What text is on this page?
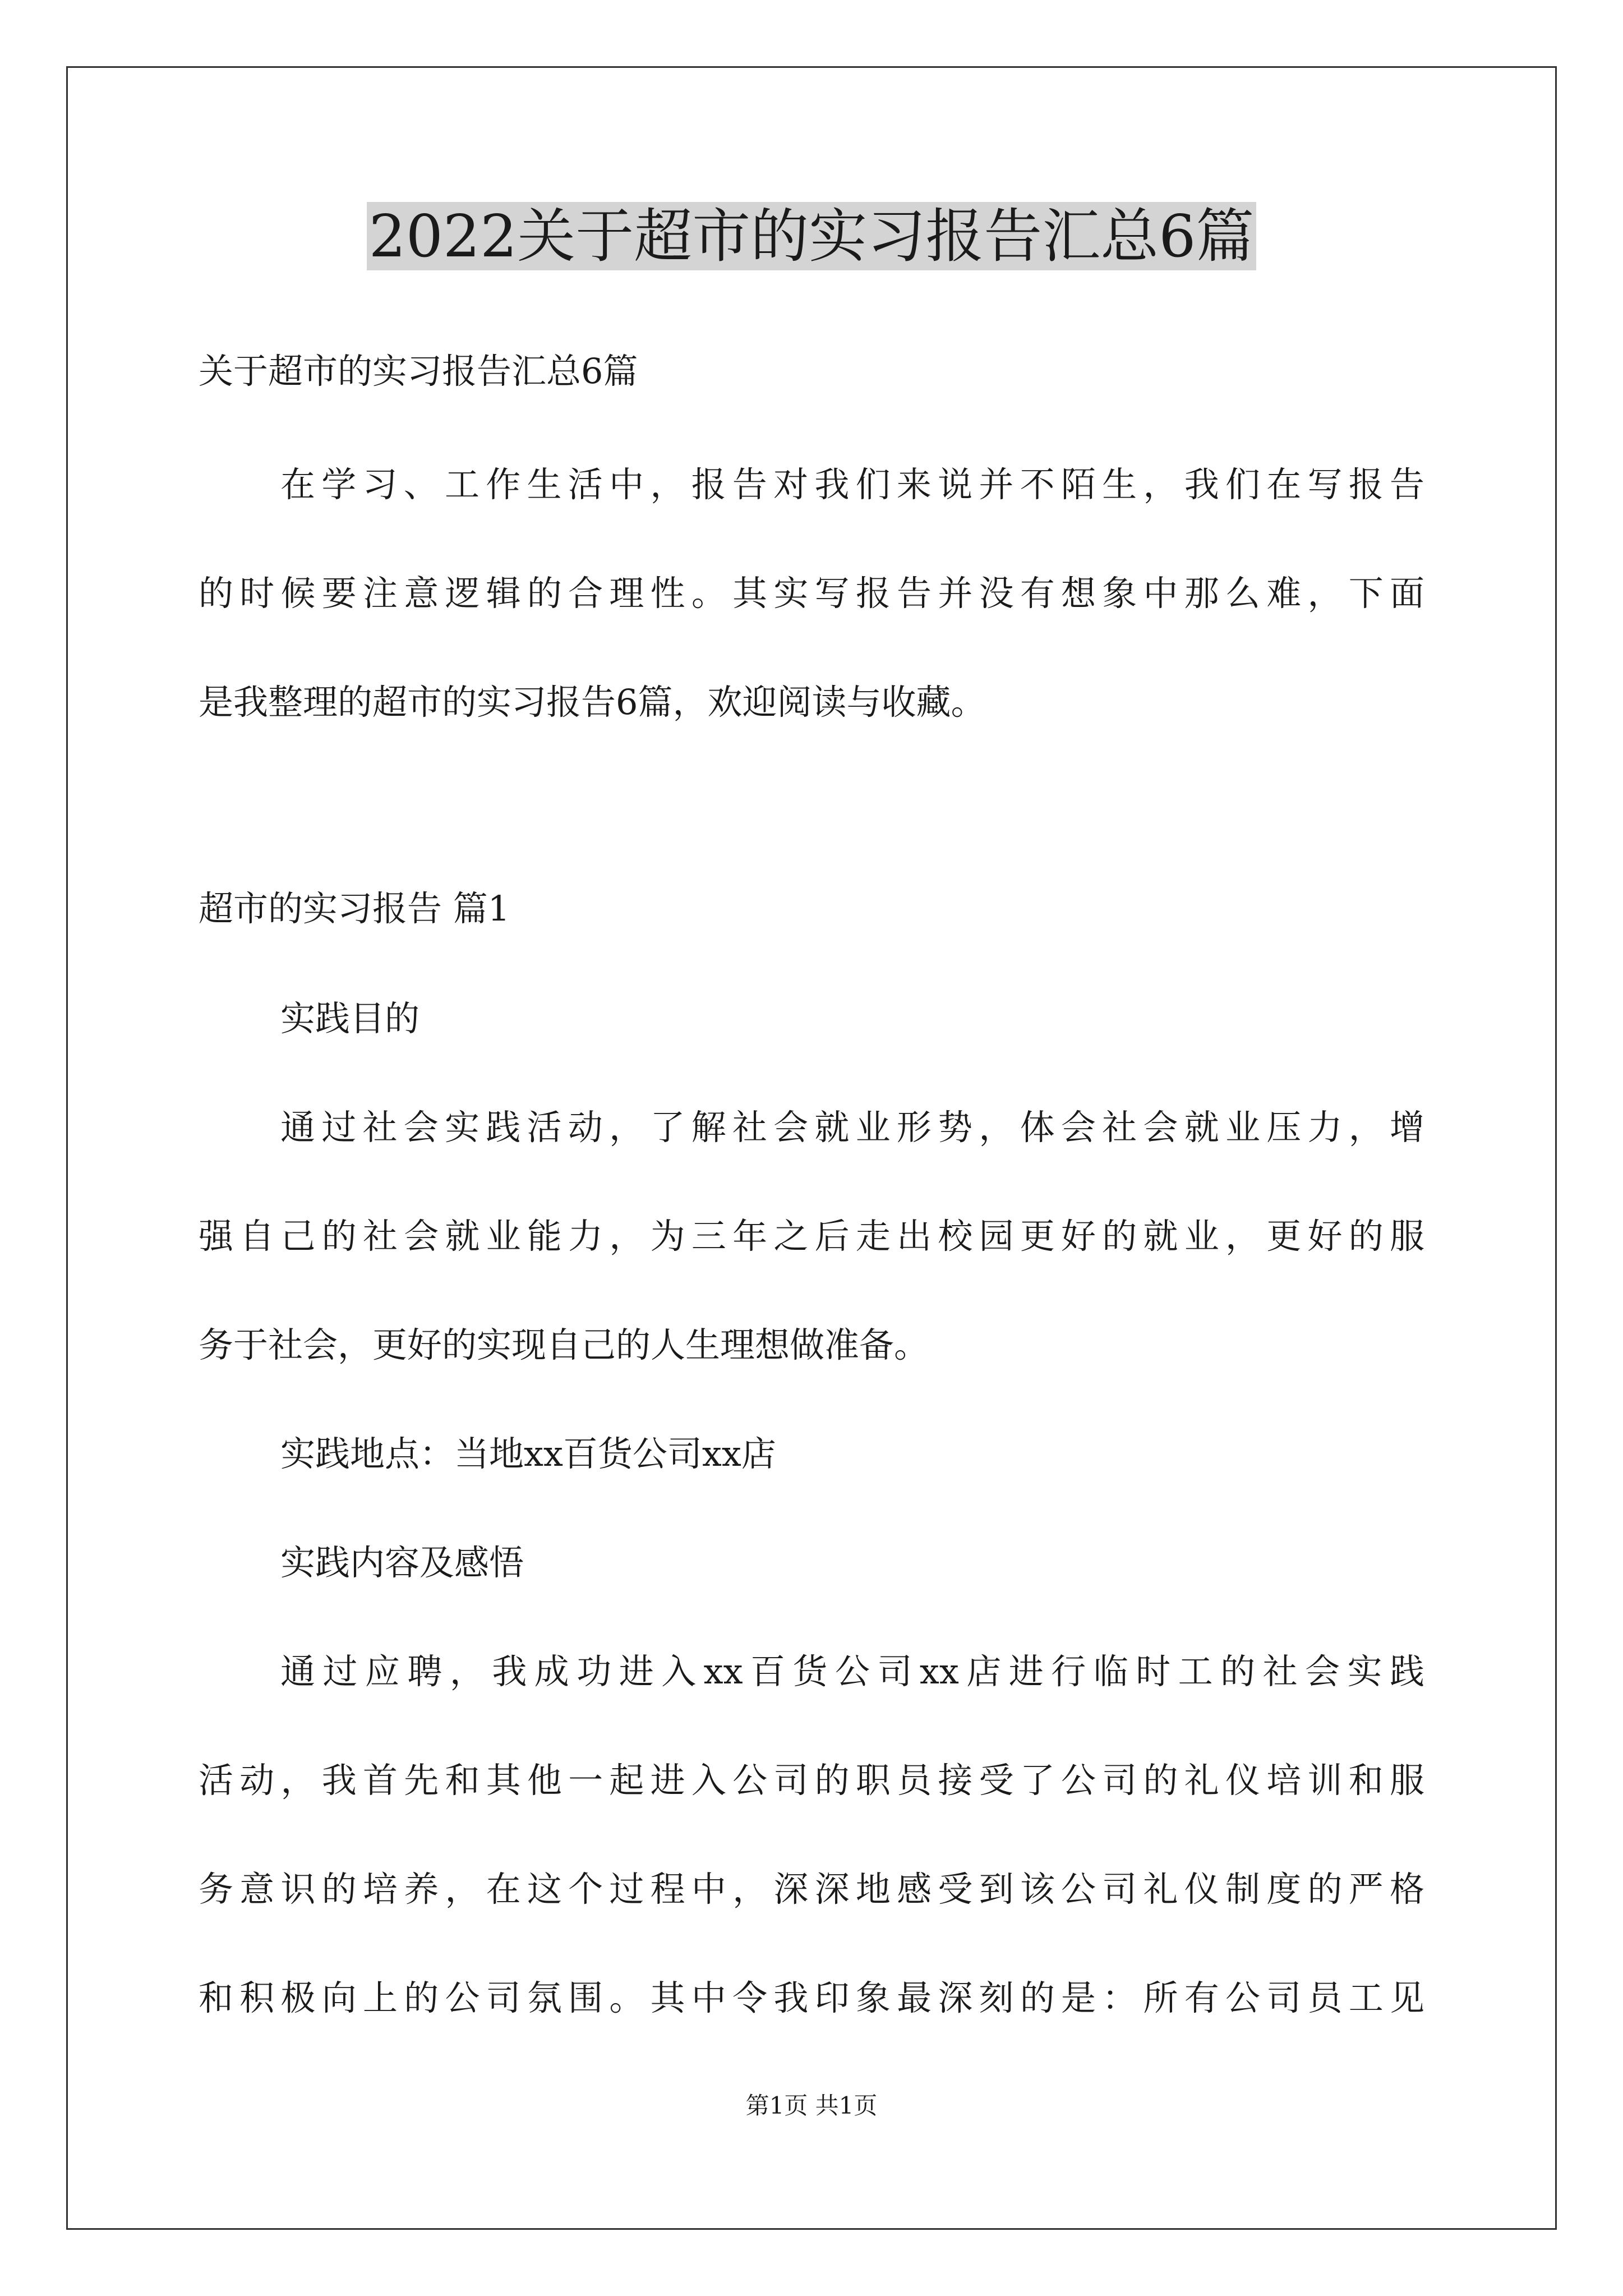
2022关于超市的实习报告汇总6篇
关于超市的实习报告汇总6篇
在学习、工作生活中，报告对我们来说并不陌生，我们在写报告
的时候要注意逻辑的合理性。其实写报告并没有想象中那么难，下面
是我整理的超市的实习报告6篇，欢迎阅读与收藏。
超市的实习报告 篇1
实践目的
通过社会实践活动，了解社会就业形势，体会社会就业压力，增
强自己的社会就业能力，为三年之后走出校园更好的就业，更好的服
务于社会，更好的实现自己的人生理想做准备。
实践地点：当地xx百货公司xx店
实践内容及感悟
通过应聘，我成功进入xx百货公司xx店进行临时工的社会实践
活动，我首先和其他一起进入公司的职员接受了公司的礼仪培训和服
务意识的培养，在这个过程中，深深地感受到该公司礼仪制度的严格
和积极向上的公司氛围。其中令我印象最深刻的是：所有公司员工见
第1页 共1页
